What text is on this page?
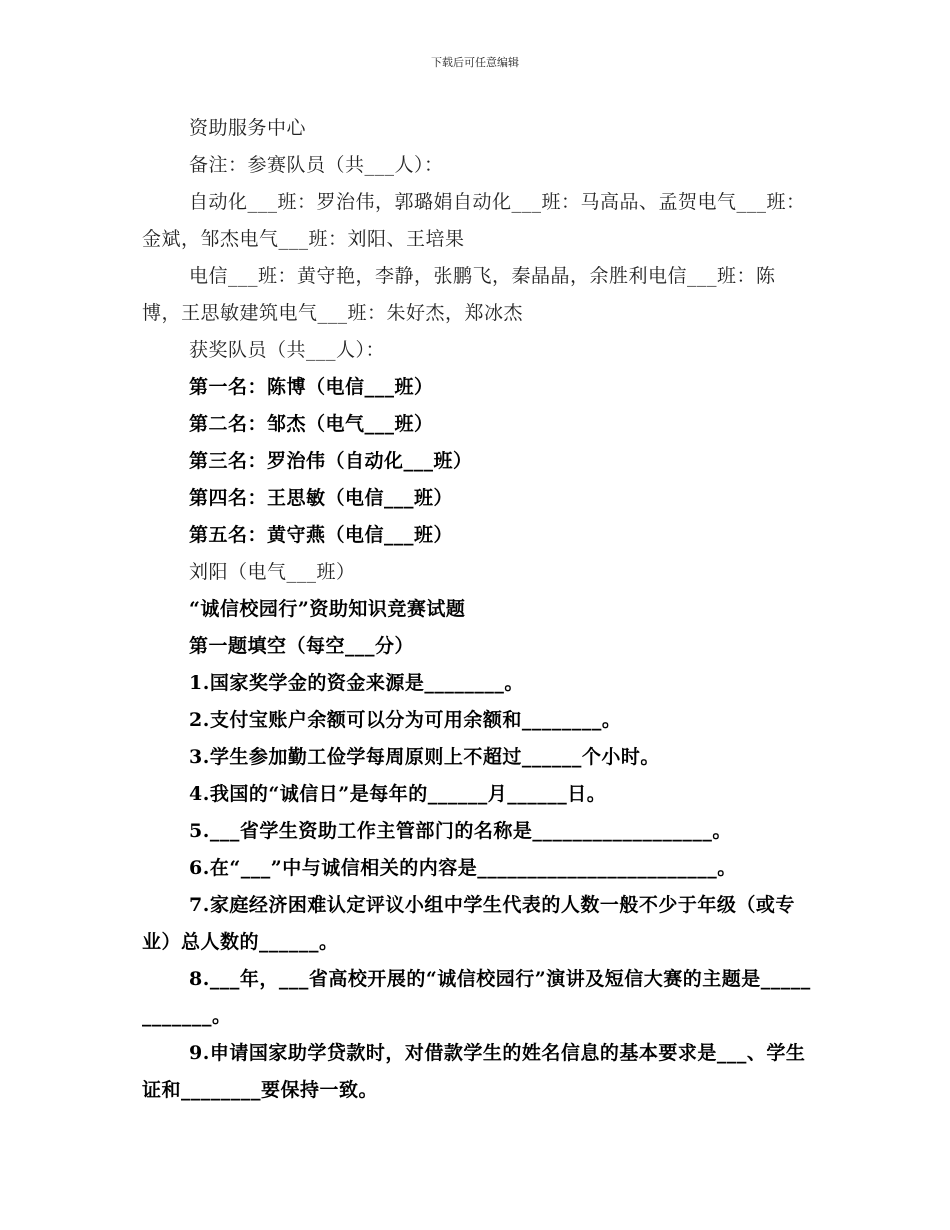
下载后可任意编辑

资助服务中心

备注：参赛队员（共___人）：

自动化___班：罗治伟，郭璐娟自动化___班：马高品、孟贺电气___班：金斌，邹杰电气___班：刘阳、王培果

电信___班：黄守艳，李静，张鹏飞，秦晶晶，余胜利电信___班：陈博，王思敏建筑电气___班：朱好杰，郑冰杰

获奖队员（共___人）：

第一名：陈博（电信___班）

第二名：邹杰（电气___班）

第三名：罗治伟（自动化___班）

第四名：王思敏（电信___班）

第五名：黄守燕（电信___班）

刘阳（电气___班）

“诚信校园行”资助知识竞赛试题

第一题填空（每空___分）

1.国家奖学金的资金来源是________。

2.支付宝账户余额可以分为可用余额和________。

3.学生参加勤工俭学每周原则上不超过______个小时。

4.我国的“诚信日”是每年的______月______日。

5.___省学生资助工作主管部门的名称是__________________。

6.在“___”中与诚信相关的内容是________________________。

7.家庭经济困难认定评议小组中学生代表的人数一般不少于年级（或专业）总人数的______。

8.___年，___省高校开展的“诚信校园行”演讲及短信大赛的主题是____________。

9.申请国家助学贷款时，对借款学生的姓名信息的基本要求是___、学生证和________要保持一致。
